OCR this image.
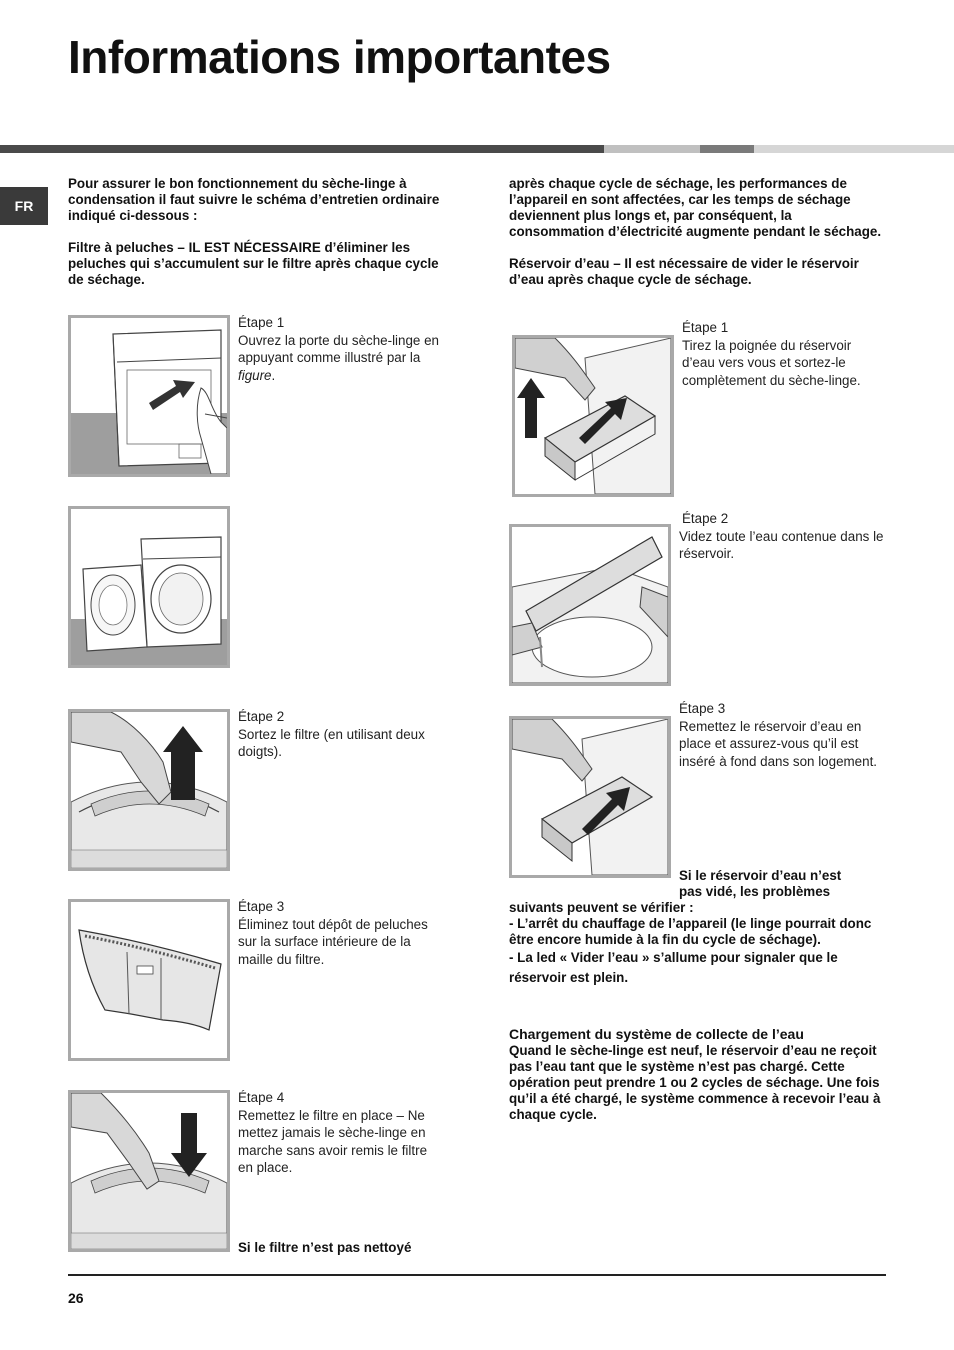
Informations importantes
FR

Pour assurer le bon fonctionnement du sèche-linge à condensation il faut suivre le schéma d’entretien ordinaire indiqué ci-dessous :

Filtre à peluches – IL EST NÉCESSAIRE d’éliminer les peluches qui s’accumulent sur le filtre après chaque cycle de séchage.

Étape 1
Ouvrez la porte du sèche-linge en appuyant comme illustré par la figure.
Étape 2
Sortez le filtre (en utilisant deux doigts).
Étape 3
Éliminez tout dépôt de peluches sur la surface intérieure de la maille du filtre.
Étape 4
Remettez le filtre en place – Ne mettez jamais le sèche-linge en marche sans avoir remis le filtre en place.
Si le filtre n’est pas nettoyé

après chaque cycle de séchage, les performances de l’appareil en sont affectées, car les temps de séchage deviennent plus longs et, par conséquent, la consommation d’électricité augmente pendant le séchage.

Réservoir d’eau – Il est nécessaire de vider le réservoir d’eau après chaque cycle de séchage.

Étape 1
Tirez la poignée du réservoir d’eau vers vous et sortez-le complètement du sèche-linge.
Étape 2
Videz toute l’eau contenue dans le réservoir.
Étape 3
Remettez le réservoir d’eau en place et assurez-vous qu’il est inséré à fond dans son logement.
Si le réservoir d’eau n’est
pas vidé, les problèmes
suivants peuvent se vérifier :
- L’arrêt du chauffage de l’appareil (le linge pourrait donc être encore humide à la fin du cycle de séchage).
- La led « Vider l’eau » s’allume pour signaler que le réservoir est plein.
Chargement du système de collecte de l’eau
Quand le sèche-linge est neuf, le réservoir d’eau ne reçoit pas l’eau tant que le système n’est pas chargé. Cette opération peut prendre 1 ou 2 cycles de séchage. Une fois qu’il a été chargé, le système commence à recevoir l’eau à chaque cycle.
26
